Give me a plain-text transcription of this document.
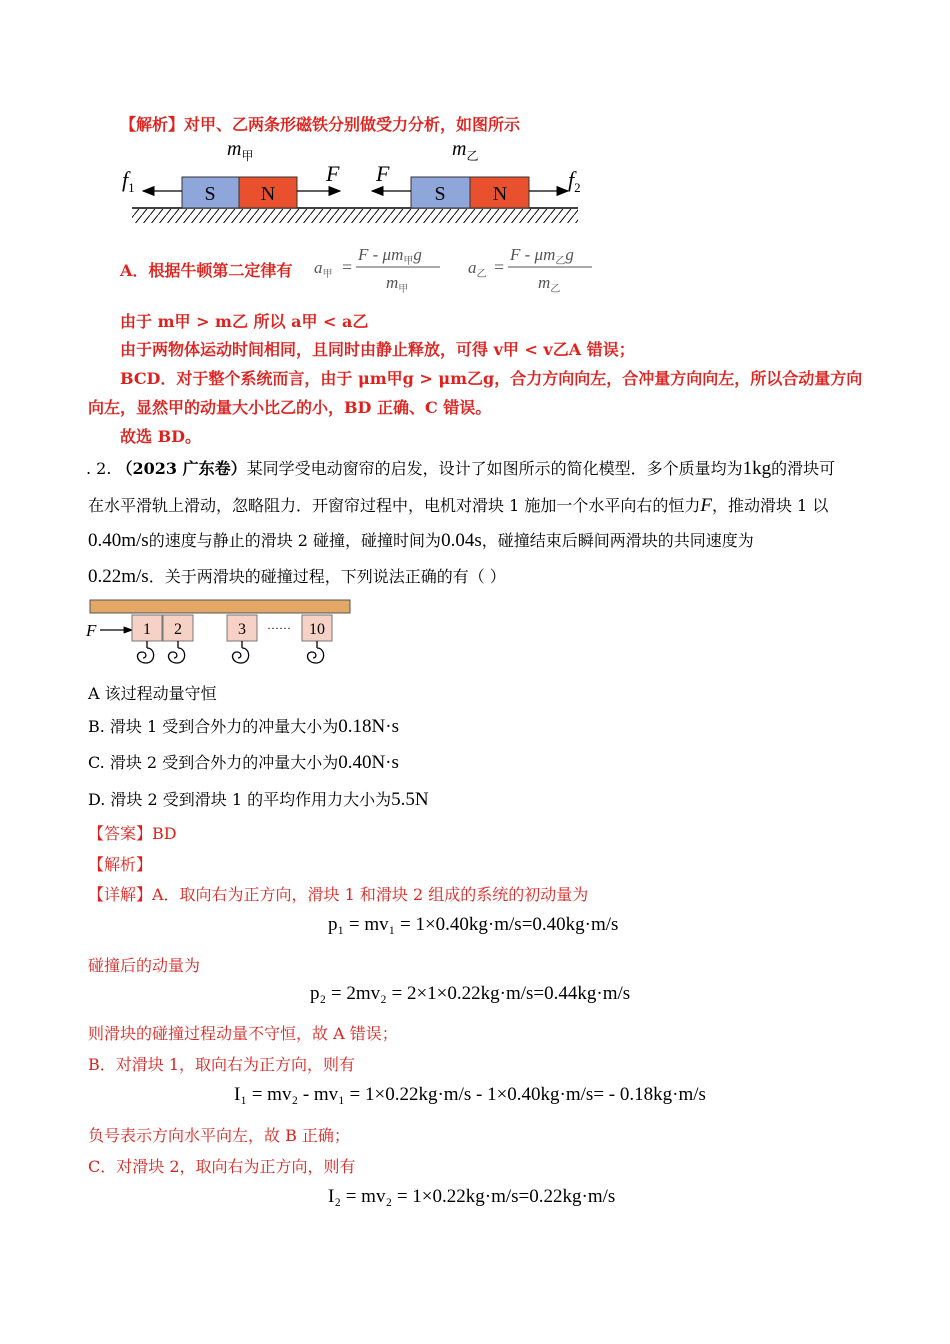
【解析】对甲、乙两条形磁铁分别做受力分析，如图所示
S N	S N
$m_甲$	$m_乙$
$f_1$
F F	$f_2$
A．根据牛顿第二定律有 $a_甲$ =
F - $\mu m_甲g$
$m_甲$
$a_乙$ =
F - $\mu m_乙g$
$m_乙$
由于 m甲 > m乙 所以 a甲 < a乙
由于两物体运动时间相同，且同时由静止释放，可得 v甲 < v乙A 错误；
BCD．对于整个系统而言，由于 μm甲g > μm乙g，合力方向向左，合冲量方向向左，所以合动量方向
向左，显然甲的动量大小比乙的小，BD 正确、C 错误。
故选 BD。
. 2. （2023 广东卷）某同学受电动窗帘的启发，设计了如图所示的简化模型．多个质量均为1kg的滑块可
在水平滑轨上滑动，忽略阻力．开窗帘过程中，电机对滑块 1 施加一个水平向右的恒力F，推动滑块 1 以
0.40m/s的速度与静止的滑块 2 碰撞，碰撞时间为0.04s，碰撞结束后瞬间两滑块的共同速度为
0.22m/s．关于两滑块的碰撞过程，下列说法正确的有（ ）
F	1 2	3	10
······
A 该过程动量守恒
B. 滑块 1 受到合外力的冲量大小为0.18N·s
C. 滑块 2 受到合外力的冲量大小为0.40N·s
D. 滑块 2 受到滑块 1 的平均作用力大小为5.5N
【答案】BD
【解析】
【详解】A．取向右为正方向，滑块 1 和滑块 2 组成的系统的初动量为
p₁ = mv₁ = 1×0.40kg·m/s=0.40kg·m/s
碰撞后的动量为
p₂ = 2mv₂ = 2×1×0.22kg·m/s=0.44kg·m/s
则滑块的碰撞过程动量不守恒，故 A 错误；
B．对滑块 1，取向右为正方向，则有
I₁ = mv₂ - mv₁ = 1×0.22kg·m/s - 1×0.40kg·m/s= - 0.18kg·m/s
负号表示方向水平向左，故 B 正确；
C．对滑块 2，取向右为正方向，则有
I₂ = mv₂ = 1×0.22kg·m/s=0.22kg·m/s
